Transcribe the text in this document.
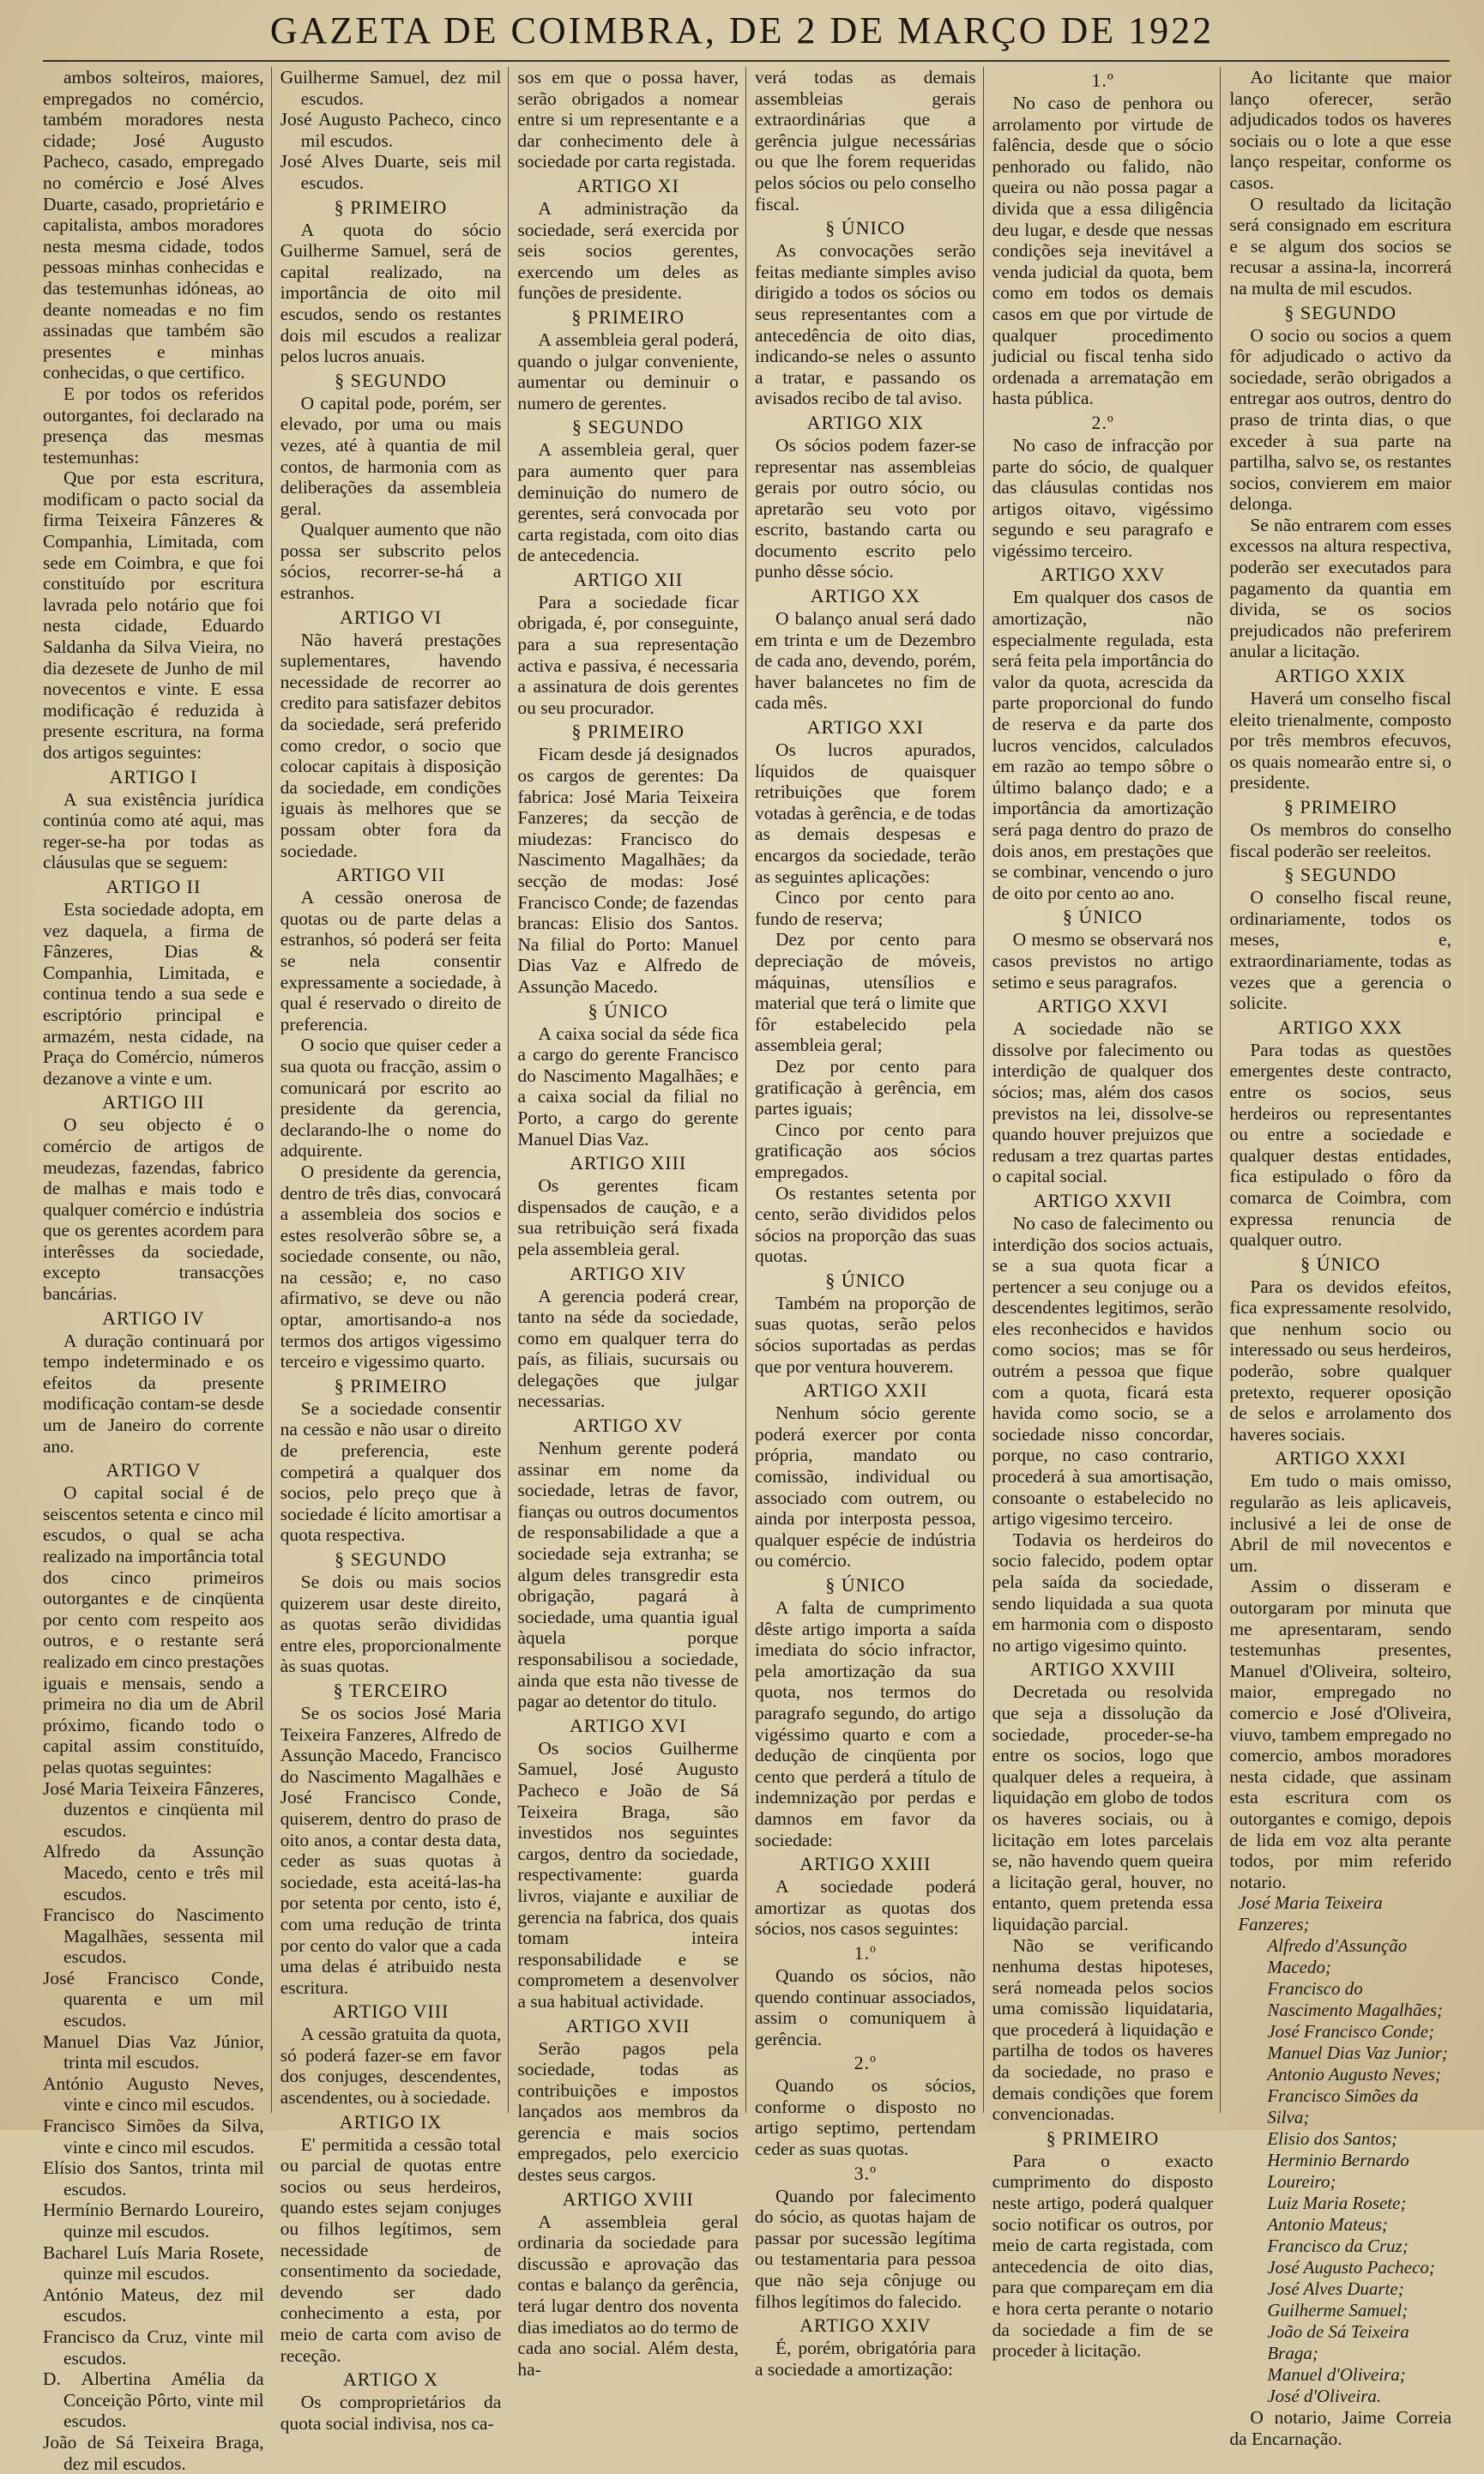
GAZETA DE COIMBRA, DE 2 DE MARÇO DE 1922

ambos solteiros, maiores, empregados no comércio, também moradores nesta cidade; José Augusto Pacheco, casado, empregado no comércio e José Alves Duarte, casado, proprietário e capitalista, ambos moradores nesta mesma cidade, todos pessoas minhas conhecidas e das testemunhas idóneas, ao deante nomeadas e no fim assinadas que também são presentes e minhas conhecidas, o que certifico.

E por todos os referidos outorgantes, foi declarado na presença das mesmas testemunhas:

Que por esta escritura, modificam o pacto social da firma Teixeira Fânzeres & Companhia, Limitada, com sede em Coimbra, e que foi constituído por escritura lavrada pelo notário que foi nesta cidade, Eduardo Saldanha da Silva Vieira, no dia dezesete de Junho de mil novecentos e vinte. E essa modificação é reduzida à presente escritura, na forma dos artigos seguintes:

ARTIGO I

A sua existência jurídica continúa como até aqui, mas reger-se-ha por todas as cláusulas que se seguem:

ARTIGO II

Esta sociedade adopta, em vez daquela, a firma de Fânzeres, Dias & Companhia, Limitada, e continua tendo a sua sede e escriptório principal e armazém, nesta cidade, na Praça do Comércio, números dezanove a vinte e um.

ARTIGO III

O seu objecto é o comércio de artigos de meudezas, fazendas, fabrico de malhas e mais todo e qualquer comércio e indústria que os gerentes acordem para interêsses da sociedade, excepto transacções bancárias.

ARTIGO IV

A duração continuará por tempo indeterminado e os efeitos da presente modificação contam-se desde um de Janeiro do corrente ano.

ARTIGO V

O capital social é de seiscentos setenta e cinco mil escudos, o qual se acha realizado na importância total dos cinco primeiros outorgantes e de cinqüenta por cento com respeito aos outros, e o restante será realizado em cinco prestações iguais e mensais, sendo a primeira no dia um de Abril próximo, ficando todo o capital assim constituído, pelas quotas seguintes:

José Maria Teixeira Fânzeres, duzentos e cinqüenta mil escudos.
Alfredo da Assunção Macedo, cento e três mil escudos.
Francisco do Nascimento Magalhães, sessenta mil escudos.
José Francisco Conde, quarenta e um mil escudos.
Manuel Dias Vaz Júnior, trinta mil escudos.
António Augusto Neves, vinte e cinco mil escudos.
Francisco Simões da Silva, vinte e cinco mil escudos.
Elísio dos Santos, trinta mil escudos.
Hermínio Bernardo Loureiro, quinze mil escudos.
Bacharel Luís Maria Rosete, quinze mil escudos.
António Mateus, dez mil escudos.
Francisco da Cruz, vinte mil escudos.
D. Albertina Amélia da Conceição Pôrto, vinte mil escudos.
João de Sá Teixeira Braga, dez mil escudos.
Guilherme Samuel, dez mil escudos.
José Augusto Pacheco, cinco mil escudos.
José Alves Duarte, seis mil escudos.
§ PRIMEIRO

A quota do sócio Guilherme Samuel, será de capital realizado, na importância de oito mil escudos, sendo os restantes dois mil escudos a realizar pelos lucros anuais.

§ SEGUNDO

O capital pode, porém, ser elevado, por uma ou mais vezes, até à quantia de mil contos, de harmonia com as deliberações da assembleia geral.

Qualquer aumento que não possa ser subscrito pelos sócios, recorrer-se-há a estranhos.

ARTIGO VI

Não haverá prestações suplementares, havendo necessidade de recorrer ao credito para satisfazer debitos da sociedade, será preferido como credor, o socio que colocar capitais à disposição da sociedade, em condições iguais às melhores que se possam obter fora da sociedade.

ARTIGO VII

A cessão onerosa de quotas ou de parte delas a estranhos, só poderá ser feita se nela consentir expressamente a sociedade, à qual é reservado o direito de preferencia.

O socio que quiser ceder a sua quota ou fracção, assim o comunicará por escrito ao presidente da gerencia, declarando-lhe o nome do adquirente.

O presidente da gerencia, dentro de três dias, convocará a assembleia dos socios e estes resolverão sôbre se, a sociedade consente, ou não, na cessão; e, no caso afirmativo, se deve ou não optar, amortisando-a nos termos dos artigos vigessimo terceiro e vigessimo quarto.

§ PRIMEIRO

Se a sociedade consentir na cessão e não usar o direito de preferencia, este competirá a qualquer dos socios, pelo preço que à sociedade é lícito amortisar a quota respectiva.

§ SEGUNDO

Se dois ou mais socios quizerem usar deste direito, as quotas serão divididas entre eles, proporcionalmente às suas quotas.

§ TERCEIRO

Se os socios José Maria Teixeira Fanzeres, Alfredo de Assunção Macedo, Francisco do Nascimento Magalhães e José Francisco Conde, quiserem, dentro do praso de oito anos, a contar desta data, ceder as suas quotas à sociedade, esta aceitá-las-ha por setenta por cento, isto é, com uma redução de trinta por cento do valor que a cada uma delas é atribuido nesta escritura.

ARTIGO VIII

A cessão gratuita da quota, só poderá fazer-se em favor dos conjuges, descendentes, ascendentes, ou à sociedade.

ARTIGO IX

E' permitida a cessão total ou parcial de quotas entre socios ou seus herdeiros, quando estes sejam conjuges ou filhos legítimos, sem necessidade de consentimento da sociedade, devendo ser dado conhecimento a esta, por meio de carta com aviso de receção.

ARTIGO X

Os comproprietários da quota social indivisa, nos ca-

sos em que o possa haver, serão obrigados a nomear entre si um representante e a dar conhecimento dele à sociedade por carta registada.

ARTIGO XI

A administração da sociedade, será exercida por seis socios gerentes, exercendo um deles as funções de presidente.

§ PRIMEIRO

A assembleia geral poderá, quando o julgar conveniente, aumentar ou deminuir o numero de gerentes.

§ SEGUNDO

A assembleia geral, quer para aumento quer para deminuição do numero de gerentes, será convocada por carta registada, com oito dias de antecedencia.

ARTIGO XII

Para a sociedade ficar obrigada, é, por conseguinte, para a sua representação activa e passiva, é necessaria a assinatura de dois gerentes ou seu procurador.

§ PRIMEIRO

Ficam desde já designados os cargos de gerentes: Da fabrica: José Maria Teixeira Fanzeres; da secção de miudezas: Francisco do Nascimento Magalhães; da secção de modas: José Francisco Conde; de fazendas brancas: Elisio dos Santos. Na filial do Porto: Manuel Dias Vaz e Alfredo de Assunção Macedo.

§ ÚNICO

A caixa social da séde fica a cargo do gerente Francisco do Nascimento Magalhães; e a caixa social da filial no Porto, a cargo do gerente Manuel Dias Vaz.

ARTIGO XIII

Os gerentes ficam dispensados de caução, e a sua retribuição será fixada pela assembleia geral.

ARTIGO XIV

A gerencia poderá crear, tanto na séde da sociedade, como em qualquer terra do país, as filiais, sucursais ou delegações que julgar necessarias.

ARTIGO XV

Nenhum gerente poderá assinar em nome da sociedade, letras de favor, fianças ou outros documentos de responsabilidade a que a sociedade seja extranha; se algum deles transgredir esta obrigação, pagará à sociedade, uma quantia igual àquela porque responsabilisou a sociedade, ainda que esta não tivesse de pagar ao detentor do titulo.

ARTIGO XVI

Os socios Guilherme Samuel, José Augusto Pacheco e João de Sá Teixeira Braga, são investidos nos seguintes cargos, dentro da sociedade, respectivamente: guarda livros, viajante e auxiliar de gerencia na fabrica, dos quais tomam inteira responsabilidade e se comprometem a desenvolver a sua habitual actividade.

ARTIGO XVII

Serão pagos pela sociedade, todas as contribuições e impostos lançados aos membros da gerencia e mais socios empregados, pelo exercicio destes seus cargos.

ARTIGO XVIII

A assembleia geral ordinaria da sociedade para discussão e aprovação das contas e balanço da gerência, terá lugar dentro dos noventa dias imediatos ao do termo de cada ano social. Além desta, ha-

verá todas as demais assembleias gerais extraordinárias que a gerência julgue necessárias ou que lhe forem requeridas pelos sócios ou pelo conselho fiscal.

§ ÚNICO

As convocações serão feitas mediante simples aviso dirigido a todos os sócios ou seus representantes com a antecedência de oito dias, indicando-se neles o assunto a tratar, e passando os avisados recibo de tal aviso.

ARTIGO XIX

Os sócios podem fazer-se representar nas assembleias gerais por outro sócio, ou apretarão seu voto por escrito, bastando carta ou documento escrito pelo punho dêsse sócio.

ARTIGO XX

O balanço anual será dado em trinta e um de Dezembro de cada ano, devendo, porém, haver balancetes no fim de cada mês.

ARTIGO XXI

Os lucros apurados, líquidos de quaisquer retribuições que forem votadas à gerência, e de todas as demais despesas e encargos da sociedade, terão as seguintes aplicações:

Cinco por cento para fundo de reserva;

Dez por cento para depreciação de móveis, máquinas, utensílios e material que terá o limite que fôr estabelecido pela assembleia geral;

Dez por cento para gratificação à gerência, em partes iguais;

Cinco por cento para gratificação aos sócios empregados.

Os restantes setenta por cento, serão divididos pelos sócios na proporção das suas quotas.

§ ÚNICO

Também na proporção de suas quotas, serão pelos sócios suportadas as perdas que por ventura houverem.

ARTIGO XXII

Nenhum sócio gerente poderá exercer por conta própria, mandato ou comissão, individual ou associado com outrem, ou ainda por interposta pessoa, qualquer espécie de indústria ou comércio.

§ ÚNICO

A falta de cumprimento dêste artigo importa a saída imediata do sócio infractor, pela amortização da sua quota, nos termos do paragrafo segundo, do artigo vigéssimo quarto e com a dedução de cinqüenta por cento que perderá a título de indemnização por perdas e damnos em favor da sociedade:

ARTIGO XXIII

A sociedade poderá amortizar as quotas dos sócios, nos casos seguintes:

1.º

Quando os sócios, não quendo continuar associados, assim o comuniquem à gerência.

2.º

Quando os sócios, conforme o disposto no artigo septimo, pertendam ceder as suas quotas.

3.º

Quando por falecimento do sócio, as quotas hajam de passar por sucessão legítima ou testamentaria para pessoa que não seja cônjuge ou filhos legítimos do falecido.

ARTIGO XXIV

É, porém, obrigatória para a sociedade a amortização:

1.º

No caso de penhora ou arrolamento por virtude de falência, desde que o sócio penhorado ou falido, não queira ou não possa pagar a divida que a essa diligência deu lugar, e desde que nessas condições seja inevitável a venda judicial da quota, bem como em todos os demais casos em que por virtude de qualquer procedimento judicial ou fiscal tenha sido ordenada a arrematação em hasta pública.

2.º

No caso de infracção por parte do sócio, de qualquer das cláusulas contidas nos artigos oitavo, vigéssimo segundo e seu paragrafo e vigéssimo terceiro.

ARTIGO XXV

Em qualquer dos casos de amortização, não especialmente regulada, esta será feita pela importância do valor da quota, acrescida da parte proporcional do fundo de reserva e da parte dos lucros vencidos, calculados em razão ao tempo sôbre o último balanço dado; e a importância da amortização será paga dentro do prazo de dois anos, em prestações que se combinar, vencendo o juro de oito por cento ao ano.

§ ÚNICO

O mesmo se observará nos casos previstos no artigo setimo e seus paragrafos.

ARTIGO XXVI

A sociedade não se dissolve por falecimento ou interdição de qualquer dos sócios; mas, além dos casos previstos na lei, dissolve-se quando houver prejuizos que redusam a trez quartas partes o capital social.

ARTIGO XXVII

No caso de falecimento ou interdição dos socios actuais, se a sua quota ficar a pertencer a seu conjuge ou a descendentes legitimos, serão eles reconhecidos e havidos como socios; mas se fôr outrém a pessoa que fique com a quota, ficará esta havida como socio, se a sociedade nisso concordar, porque, no caso contrario, procederá à sua amortisação, consoante o estabelecido no artigo vigesimo terceiro.

Todavia os herdeiros do socio falecido, podem optar pela saída da sociedade, sendo liquidada a sua quota em harmonia com o disposto no artigo vigesimo quinto.

ARTIGO XXVIII

Decretada ou resolvida que seja a dissolução da sociedade, proceder-se-ha entre os socios, logo que qualquer deles a requeira, à liquidação em globo de todos os haveres sociais, ou à licitação em lotes parcelais se, não havendo quem queira a licitação geral, houver, no entanto, quem pretenda essa liquidação parcial.

Não se verificando nenhuma destas hipoteses, será nomeada pelos socios uma comissão liquidataria, que procederá à liquidação e partilha de todos os haveres da sociedade, no praso e demais condições que forem convencionadas.

§ PRIMEIRO

Para o exacto cumprimento do disposto neste artigo, poderá qualquer socio notificar os outros, por meio de carta registada, com antecedencia de oito dias, para que compareçam em dia e hora certa perante o notario da sociedade a fim de se proceder à licitação.

Ao licitante que maior lanço oferecer, serão adjudicados todos os haveres sociais ou o lote a que esse lanço respeitar, conforme os casos.

O resultado da licitação será consignado em escritura e se algum dos socios se recusar a assina-la, incorrerá na multa de mil escudos.

§ SEGUNDO

O socio ou socios a quem fôr adjudicado o activo da sociedade, serão obrigados a entregar aos outros, dentro do praso de trinta dias, o que exceder à sua parte na partilha, salvo se, os restantes socios, convierem em maior delonga.

Se não entrarem com esses excessos na altura respectiva, poderão ser executados para pagamento da quantia em divida, se os socios prejudicados não preferirem anular a licitação.

ARTIGO XXIX

Haverá um conselho fiscal eleito trienalmente, composto por três membros efecuvos, os quais nomearão entre si, o presidente.

§ PRIMEIRO

Os membros do conselho fiscal poderão ser reeleitos.

§ SEGUNDO

O conselho fiscal reune, ordinariamente, todos os meses, e, extraordinariamente, todas as vezes que a gerencia o solicite.

ARTIGO XXX

Para todas as questões emergentes deste contracto, entre os socios, seus herdeiros ou representantes ou entre a sociedade e qualquer destas entidades, fica estipulado o fôro da comarca de Coimbra, com expressa renuncia de qualquer outro.

§ ÚNICO

Para os devidos efeitos, fica expressamente resolvido, que nenhum socio ou interessado ou seus herdeiros, poderão, sobre qualquer pretexto, requerer oposição de selos e arrolamento dos haveres sociais.

ARTIGO XXXI

Em tudo o mais omisso, regularão as leis aplicaveis, inclusivé a lei de onse de Abril de mil novecentos e um.

Assim o disseram e outorgaram por minuta que me apresentaram, sendo testemunhas presentes, Manuel d'Oliveira, solteiro, maior, empregado no comercio e José d'Oliveira, viuvo, tambem empregado no comercio, ambos moradores nesta cidade, que assinam esta escritura com os outorgantes e comigo, depois de lida em voz alta perante todos, por mim referido notario.

José Maria Teixeira Fanzeres;
Alfredo d'Assunção Macedo;
Francisco do Nascimento Magalhães;
José Francisco Conde;
Manuel Dias Vaz Junior;
Antonio Augusto Neves;
Francisco Simões da Silva;
Elisio dos Santos;
Herminio Bernardo Loureiro;
Luiz Maria Rosete;
Antonio Mateus;
Francisco da Cruz;
José Augusto Pacheco;
José Alves Duarte;
Guilherme Samuel;
João de Sá Teixeira Braga;
Manuel d'Oliveira;
José d'Oliveira.

O notario, Jaime Correia da Encarnação.
